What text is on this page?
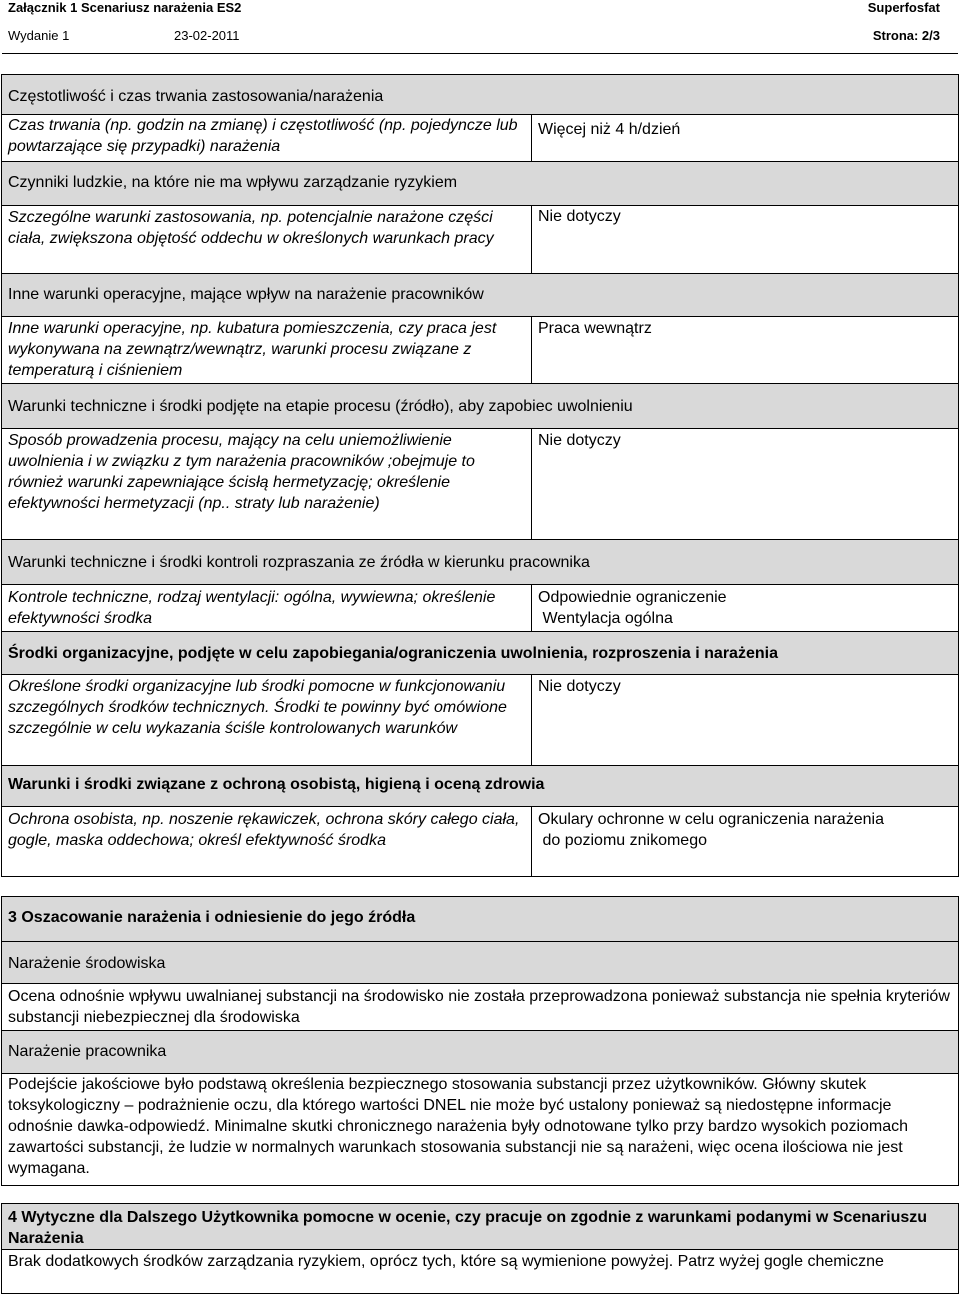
Załącznik 1 Scenariusz narażenia ES2	Superfosfat
Wydanie 1	23-02-2011	Strona: 2/3
Częstotliwość i czas trwania zastosowania/narażenia	
Czas trwania (np. godzin na zmianę) i częstotliwość (np. pojedyncze lub powtarzające się przypadki) narażenia	Więcej niż 4 h/dzień
Czynniki ludzkie, na które nie ma wpływu zarządzanie ryzykiem	
Szczególne warunki zastosowania, np. potencjalnie narażone części ciała, zwiększona objętość oddechu w określonych warunkach pracy	Nie dotyczy
Inne warunki operacyjne, mające wpływ na narażenie pracowników	
Inne warunki operacyjne, np. kubatura pomieszczenia, czy praca jest wykonywana na zewnątrz/wewnątrz, warunki procesu związane z temperaturą i ciśnieniem	Praca wewnątrz
Warunki techniczne i środki podjęte na etapie procesu (źródło), aby zapobiec uwolnieniu	
Sposób prowadzenia procesu, mający na celu uniemożliwienie uwolnienia i w związku z tym narażenia pracowników ;obejmuje to również warunki zapewniające ścisłą hermetyzację; określenie efektywności hermetyzacji (np.. straty lub narażenie)	Nie dotyczy
Warunki techniczne i środki kontroli rozpraszania ze źródła w kierunku pracownika	
Kontrole techniczne, rodzaj wentylacji: ogólna, wywiewna; określenie efektywności środka	Odpowiednie ograniczenie
Wentylacja ogólna
Środki organizacyjne, podjęte w celu zapobiegania/ograniczenia uwolnienia, rozproszenia i narażenia	
Określone środki organizacyjne lub środki pomocne w funkcjonowaniu szczególnych środków technicznych. Środki te powinny być omówione szczególnie w celu wykazania ściśle kontrolowanych warunków	Nie dotyczy
Warunki i środki związane z ochroną osobistą, higieną i oceną zdrowia	
Ochrona osobista, np. noszenie rękawiczek, ochrona skóry całego ciała, gogle, maska oddechowa; określ efektywność środka	Okulary ochronne w celu ograniczenia narażenia
do poziomu znikomego
3 Oszacowanie narażenia i odniesienie do jego źródła
Narażenie środowiska
Ocena odnośnie wpływu uwalnianej substancji na środowisko nie została przeprowadzona ponieważ substancja nie spełnia kryteriów substancji niebezpiecznej dla środowiska
Narażenie pracownika
Podejście jakościowe było podstawą określenia bezpiecznego stosowania substancji przez użytkowników. Główny skutek toksykologiczny – podrażnienie oczu, dla którego wartości DNEL nie może być ustalony ponieważ są niedostępne informacje odnośnie dawka-odpowiedź. Minimalne skutki chronicznego narażenia były odnotowane tylko przy bardzo wysokich poziomach zawartości substancji, że ludzie w normalnych warunkach stosowania substancji nie są narażeni, więc ocena ilościowa nie jest wymagana.
4 Wytyczne dla Dalszego Użytkownika pomocne w ocenie, czy pracuje on zgodnie z warunkami podanymi w Scenariuszu Narażenia
Brak dodatkowych środków zarządzania ryzykiem, oprócz tych, które są wymienione powyżej. Patrz wyżej gogle chemiczne
